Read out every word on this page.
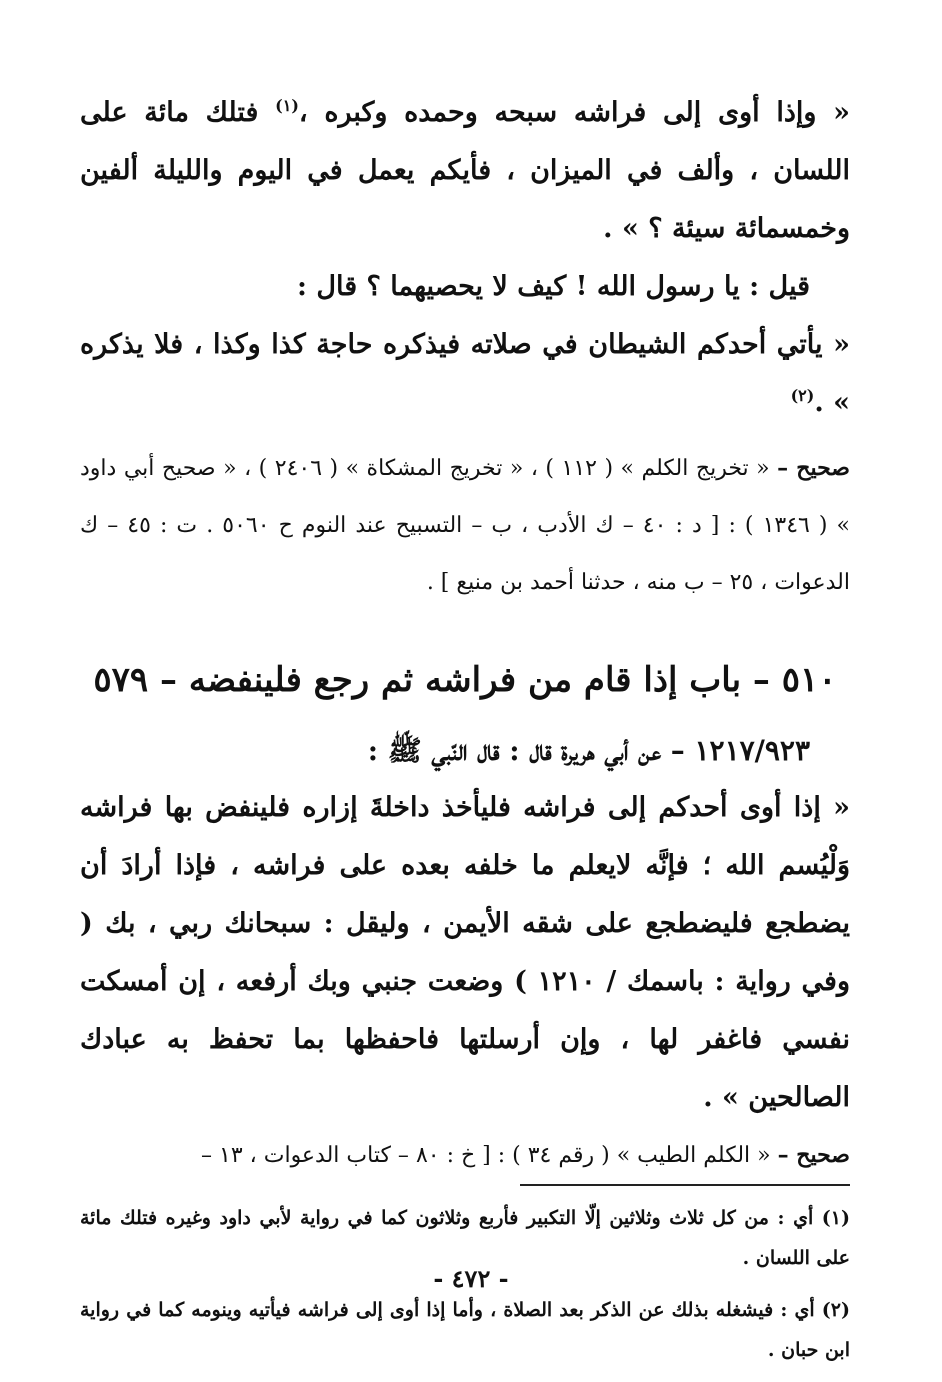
« وإذا أوى إلى فراشه سبحه وحمده وكبره ،$^{(١)}$ فتلك مائة على اللسان ، وألف في الميزان ، فأيكم يعمل في اليوم والليلة ألفين وخمسمائة سيئة ؟ » .

قيل : يا رسول الله ! كيف لا يحصيهما ؟ قال :

« يأتي أحدكم الشيطان في صلاته فيذكره حاجة كذا وكذا ، فلا يذكره » .$^{(٢)}$

صحيح – « تخريج الكلم » ( ١١٢ ) ، « تخريج المشكاة » ( ٢٤٠٦ ) ، « صحيح أبي داود » ( ١٣٤٦ ) : [ د : ٤٠ – ك الأدب ، ب – التسبيح عند النوم ح ٥٠٦٠ . ت : ٤٥ – ك الدعوات ، ٢٥ – ب منه ، حدثنا أحمد بن منيع ] .

٥١٠ – باب إذا قام من فراشه ثم رجع فلينفضه – ٥٧٩
١٢١٧/٩٢٣ – عن أبي هريرة قال : قال النّبي ﷺ :

« إذا أوى أحدكم إلى فراشه فليأخذ داخلةَ إزاره فلينفض بها فراشه وَلْيُسم الله ؛ فإنَّه لايعلم ما خلفه بعده على فراشه ، فإذا أرادَ أن يضطجع فليضطجع على شقه الأيمن ، وليقل : سبحانك ربي ، بك ( وفي رواية : باسمك / ١٢١٠ ) وضعت جنبي وبك أرفعه ، إن أمسكت نفسي فاغفر لها ، وإن أرسلتها فاحفظها بما تحفظ به عبادك الصالحين » .

صحيح – « الكلم الطيب » ( رقم ٣٤ ) : [ خ : ٨٠ – كتاب الدعوات ، ١٣ –

(١) أي : من كل ثلاث وثلاثين إلّا التكبير فأربع وثلاثون كما في رواية لأبي داود وغيره فتلك مائة على اللسان .

(٢) أي : فيشغله بذلك عن الذكر بعد الصلاة ، وأما إذا أوى إلى فراشه فيأتيه وينومه كما في رواية ابن حبان .

- ٤٧٢ -
